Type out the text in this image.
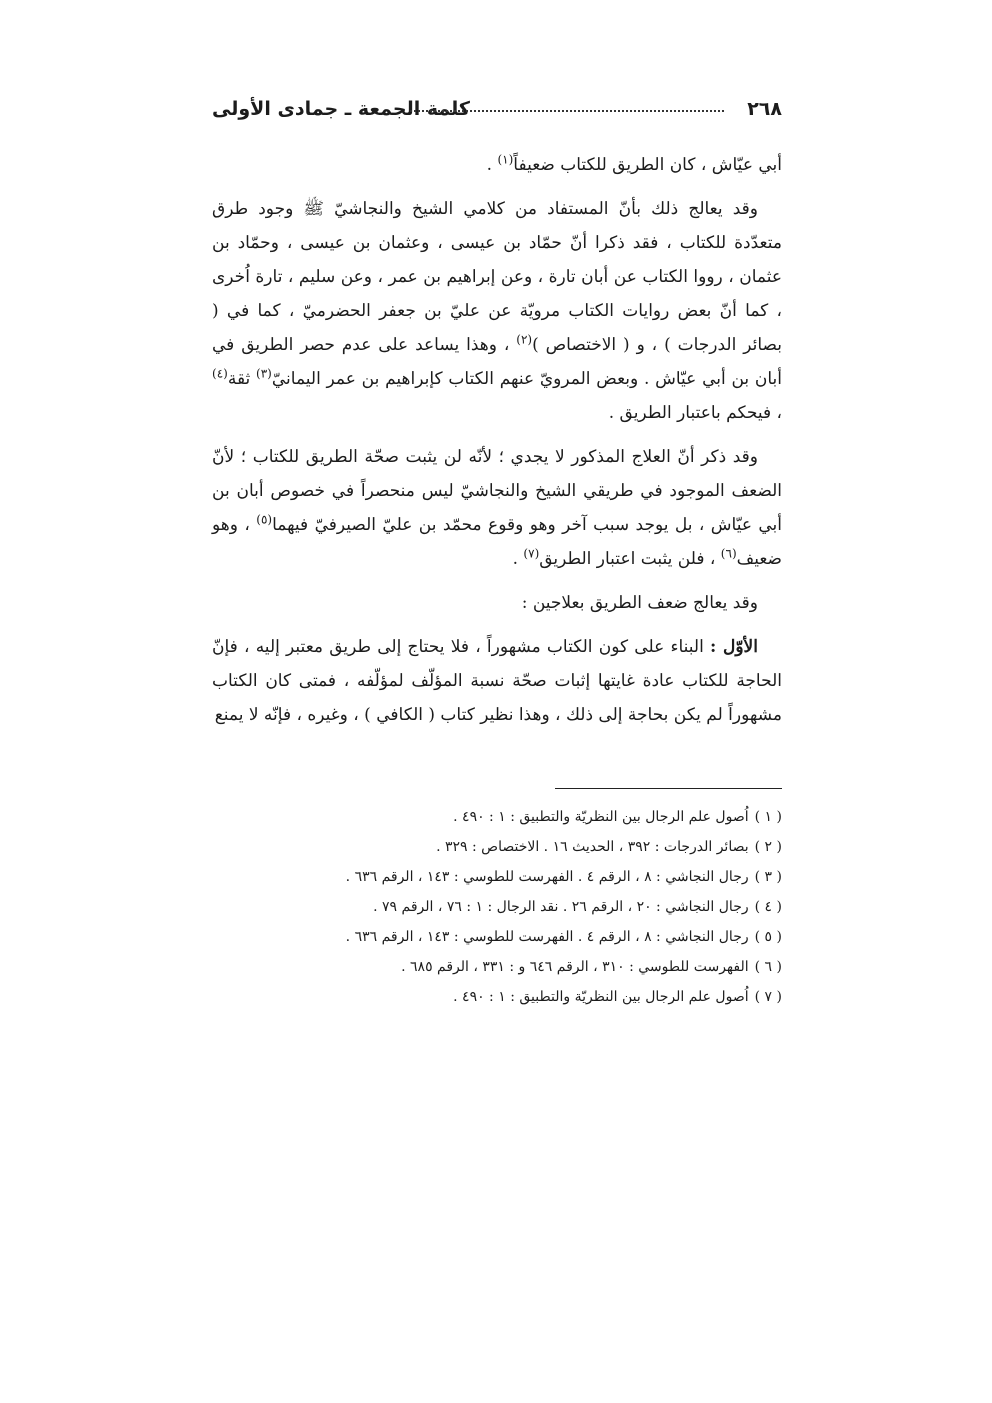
كلمة الجمعة ـ جمادى الأولى	٢٦٨

أبي عيّاش ، كان الطريق للكتاب ضعيفاً$^{(١)}$ .

وقد يعالج ذلك بأنّ المستفاد من كلامي الشيخ والنجاشيّ ﷺ وجود طرق متعدّدة للكتاب ، فقد ذكرا أنّ حمّاد بن عيسى ، وعثمان بن عيسى ، وحمّاد بن عثمان ، رووا الكتاب عن أبان تارة ، وعن إبراهيم بن عمر ، وعن سليم ، تارة اُخرى ، كما أنّ بعض روايات الكتاب مرويّة عن عليّ بن جعفر الحضرميّ ، كما في ( بصائر الدرجات ) ، و ( الاختصاص )$^{(٢)}$ ، وهذا يساعد على عدم حصر الطريق في أبان بن أبي عيّاش . وبعض المرويّ عنهم الكتاب كإبراهيم بن عمر اليمانيّ$^{(٣)}$ ثقة$^{(٤)}$ ، فيحكم باعتبار الطريق .

وقد ذكر أنّ العلاج المذكور لا يجدي ؛ لأنّه لن يثبت صحّة الطريق للكتاب ؛ لأنّ الضعف الموجود في طريقي الشيخ والنجاشيّ ليس منحصراً في خصوص أبان بن أبي عيّاش ، بل يوجد سبب آخر وهو وقوع محمّد بن عليّ الصيرفيّ فيهما$^{(٥)}$ ، وهو ضعيف$^{(٦)}$ ، فلن يثبت اعتبار الطريق$^{(٧)}$ .

وقد يعالج ضعف الطريق بعلاجين :

الأوّل : البناء على كون الكتاب مشهوراً ، فلا يحتاج إلى طريق معتبر إليه ، فإنّ الحاجة للكتاب عادة غايتها إثبات صحّة نسبة المؤلّف لمؤلّفه ، فمتى كان الكتاب مشهوراً لم يكن بحاجة إلى ذلك ، وهذا نظير كتاب ( الكافي ) ، وغيره ، فإنّه لا يمنع

( ١ )اُصول علم الرجال بين النظريّة والتطبيق : ١ : ٤٩٠ .
( ٢ )بصائر الدرجات : ٣٩٢ ، الحديث ١٦ . الاختصاص : ٣٢٩ .
( ٣ )رجال النجاشي : ٨ ، الرقم ٤ . الفهرست للطوسي : ١٤٣ ، الرقم ٦٣٦ .
( ٤ )رجال النجاشي : ٢٠ ، الرقم ٢٦ . نقد الرجال : ١ : ٧٦ ، الرقم ٧٩ .
( ٥ )رجال النجاشي : ٨ ، الرقم ٤ . الفهرست للطوسي : ١٤٣ ، الرقم ٦٣٦ .
( ٦ )الفهرست للطوسي : ٣١٠ ، الرقم ٦٤٦ و : ٣٣١ ، الرقم ٦٨٥ .
( ٧ )اُصول علم الرجال بين النظريّة والتطبيق : ١ : ٤٩٠ .
